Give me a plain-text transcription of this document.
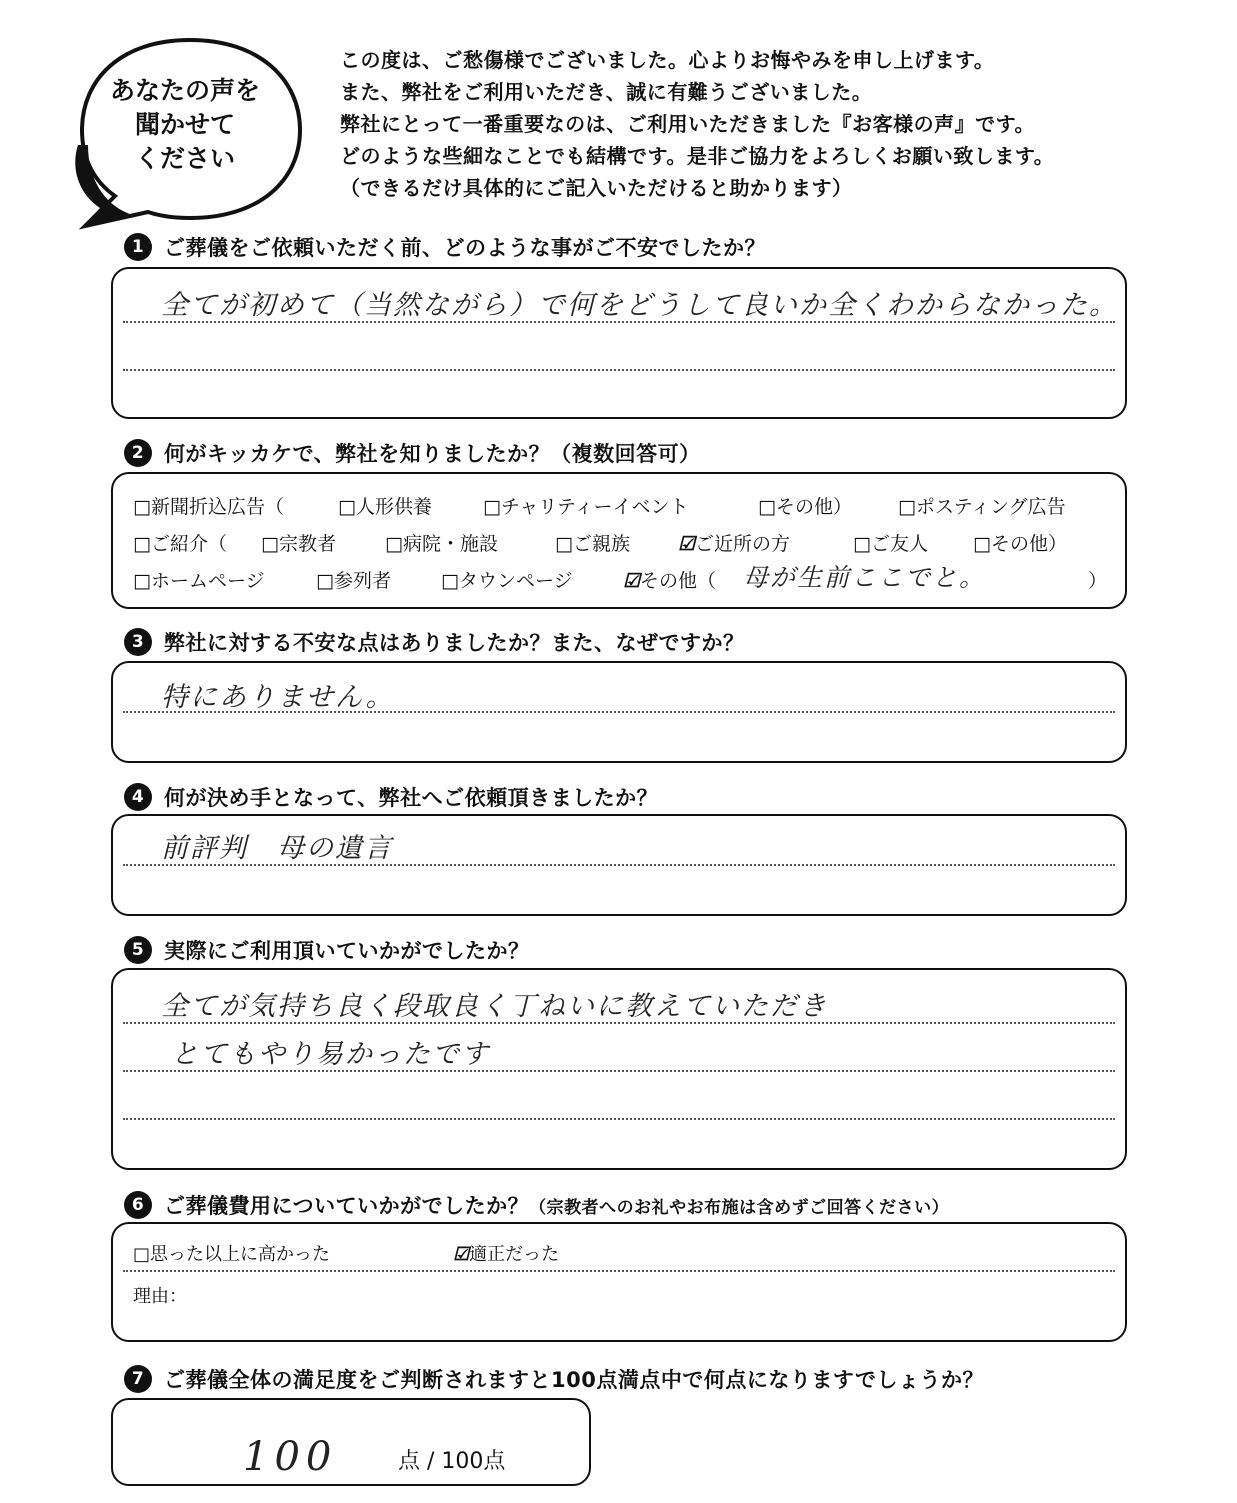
あなたの声を
聞かせて
ください
この度は、ご愁傷様でございました。心よりお悔やみを申し上げます。
また、弊社をご利用いただき、誠に有難うございました。
弊社にとって一番重要なのは、ご利用いただきました『お客様の声』です。
どのような些細なことでも結構です。是非ご協力をよろしくお願い致します。
（できるだけ具体的にご記入いただけると助かります）
1 ご葬儀をご依頼いただく前、どのような事がご不安でしたか？
全てが初めて（当然ながら）で何をどうして良いか全くわからなかった。
2 何がキッカケで、弊社を知りましたか？（複数回答可）
□新聞折込広告（	□人形供養	□チャリティーイベント	□その他） □ポスティング広告
□ご紹介（ □宗教者	□病院・施設	□ご親族	☑ご近所の方	□ご友人 □その他）
□ホームページ	□参列者	□タウンページ	☑その他（ 母が生前ここでと。	）
3 弊社に対する不安な点はありましたか？また、なぜですか？
特にありません。
4 何が決め手となって、弊社へご依頼頂きましたか？
前評判　母の遺言
5 実際にご利用頂いていかがでしたか？
全てが気持ち良く段取良く丁ねいに教えていただき
とてもやり易かったです
6 ご葬儀費用についていかがでしたか？ （宗教者へのお礼やお布施は含めずご回答ください）
□思った以上に高かった	☑適正だった
理由：
7 ご葬儀全体の満足度をご判断されますと100点満点中で何点になりますでしょうか？
100	点 / 100点
